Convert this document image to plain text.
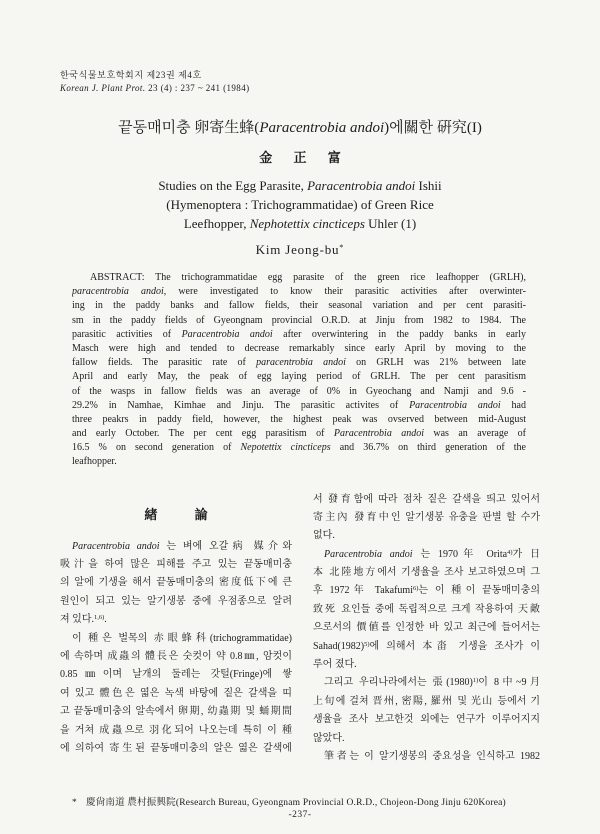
한국식물보호학회지 제23권 제4호
Korean J. Plant Prot. 23 (4) : 237 ~ 241 (1984)
끝동매미충 卵寄生蜂(Paracentrobia andoi)에關한 硏究(I)
金 正 富
Studies on the Egg Parasite, Paracentrobia andoi Ishii
(Hymenoptera : Trichogrammatidae) of Green Rice
Leefhopper, Nephotettix cincticeps Uhler (1)
Kim Jeong-bu*
ABSTRACT: The trichogrammatidae egg parasite of the green rice leafhopper (GRLH),
paracentrobia andoi, were investigated to know their parasitic activities after overwinter-
ing in the paddy banks and fallow fields, their seasonal variation and per cent parasiti-
sm in the paddy fields of Gyeongnam provincial O.R.D. at Jinju from 1982 to 1984. The
parasitic activities of Paracentrobia andoi after overwintering in the paddy banks in early
Masch were high and tended to decrease remarkably since early April by moving to the
fallow fields. The parasitic rate of paracentrobia andoi on GRLH was 21% between late
April and early May, the peak of egg laying period of GRLH. The per cent parasitism
of the wasps in fallow fields was an average of 0% in Gyeochang and Namji and 9.6 -
29.2% in Namhae, Kimhae and Jinju. The parasitic activites of Paracentrobia andoi had
three peakrs in paddy field, however, the highest peak was ovserved between mid-August
and early October. The per cent egg parasitism of Paracentrobia andoi was an average of
16.5 % on second generation of Nepotettix cincticeps and 36.7% on third generation of the
leafhopper.
緖 論
Paracentrobia andoi 는 벼에 오갈病 媒介와
吸汁을 하여 많은 피해를 주고 있는 끝동매미충
의 알에 기생을 해서 끝동매미충의 密度低下에 큰
원인이 되고 있는 알기생봉 중에 우점종으로 알려
져 있다.$^{1,6)}$.
이 種은 벌목의 赤眼蜂科(trichogrammatidae)
에 속하며 成蟲의 體長은 숫컷이 약 0.8㎜, 암컷이
0.85㎜이며 날개의 둘레는 갓털(Fringe)에 쌓
여 있고 體色은 엷은 녹색 바탕에 짙은 갈색을 띠
고 끝동매미충의 알속에서 卵期, 幼蟲期 및 蛹期間
을 거쳐 成蟲으로 羽化되어 나오는데 특히 이 種
에 의하여 寄生된 끝동매미충의 알은 엷은 갈색에
서 發育함에 따라 점차 짙은 갈색을 띄고 있어서
寄主內 發育中인 알기생봉 유충을 판별 할 수가
없다.
Paracentrobia andoi 는 1970年 Orita$^{4)}$가 日
本 北陸地方에서 기생율을 조사 보고하였으며 그
후 1972年 Takafumi$^{6)}$는 이 種이 끝동매미충의
致死 요인들 중에 독립적으로 크게 작용하여 天敵
으로서의 價値를 인정한 바 있고 최근에 들어서는
$Sahad(1982)^{5)}$에 의해서 本畓 기생을 조사가 이
루어 졌다.
그리고 우리나라에서는 張$(1980)^{1)}$이 8中~9月
上旬에 걸쳐 晋州, 密陽, 羅州 및 光山 등에서 기
생율을 조사 보고한것 외에는 연구가 이루어지지
않았다.
筆者는 이 알기생봉의 중요성을 인식하고 1982
* 慶尙南道 農村振興院(Research Bureau, Gyeongnam Provincial O.R.D., Chojeon-Dong Jinju 620Korea)
-237-
